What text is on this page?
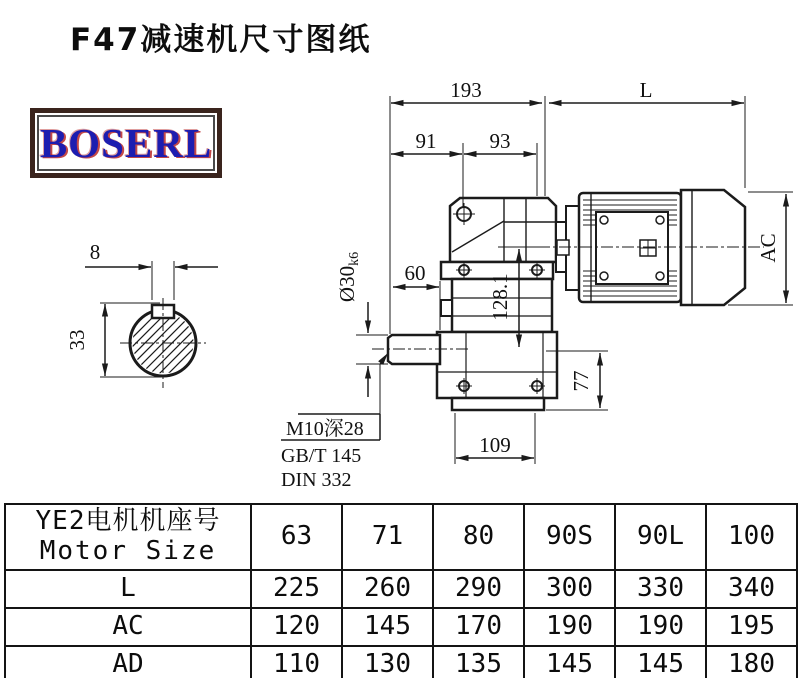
F47减速机尺寸图纸
BOSERL
8
33
193	L
91	93
60
109
Ø30k6
128.1
77
AC
M10深28
GB/T 145
DIN 332
YE2电机机座号
Motor Size	63	71	80	90S	90L	100
L	225	260	290	300	330	340
AC	120	145	170	190	190	195
AD	110	130	135	145	145	180
